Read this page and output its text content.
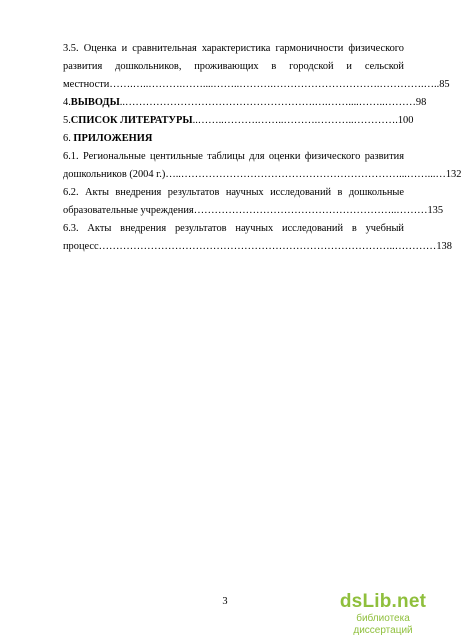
3.5. Оценка и сравнительная характеристика гармоничности физического
развития дошкольников, проживающих в городской и сельской
местности …….…..……….……....……..……….………………………….………….….. 85
4. ВЫВОДЫ ..……………………………………………….….……....……..……… 98
5. СПИСОК ЛИТЕРАТУРЫ ..……..……….……..……….………..…………. 100
6. ПРИЛОЖЕНИЯ
6.1. Региональные центильные таблицы для оценки физического развития
дошкольников (2004 г.) …..………………………………………………………...……...… 132
6.2. Акты внедрения результатов научных исследований в дошкольные
образовательные учреждения …………………………………………………..……… 135
6.3. Акты внедрения результатов научных исследований в учебный
процесс …………………………………………………………………………..………… 138
3	dsLib.net
библиотека диссертаций
